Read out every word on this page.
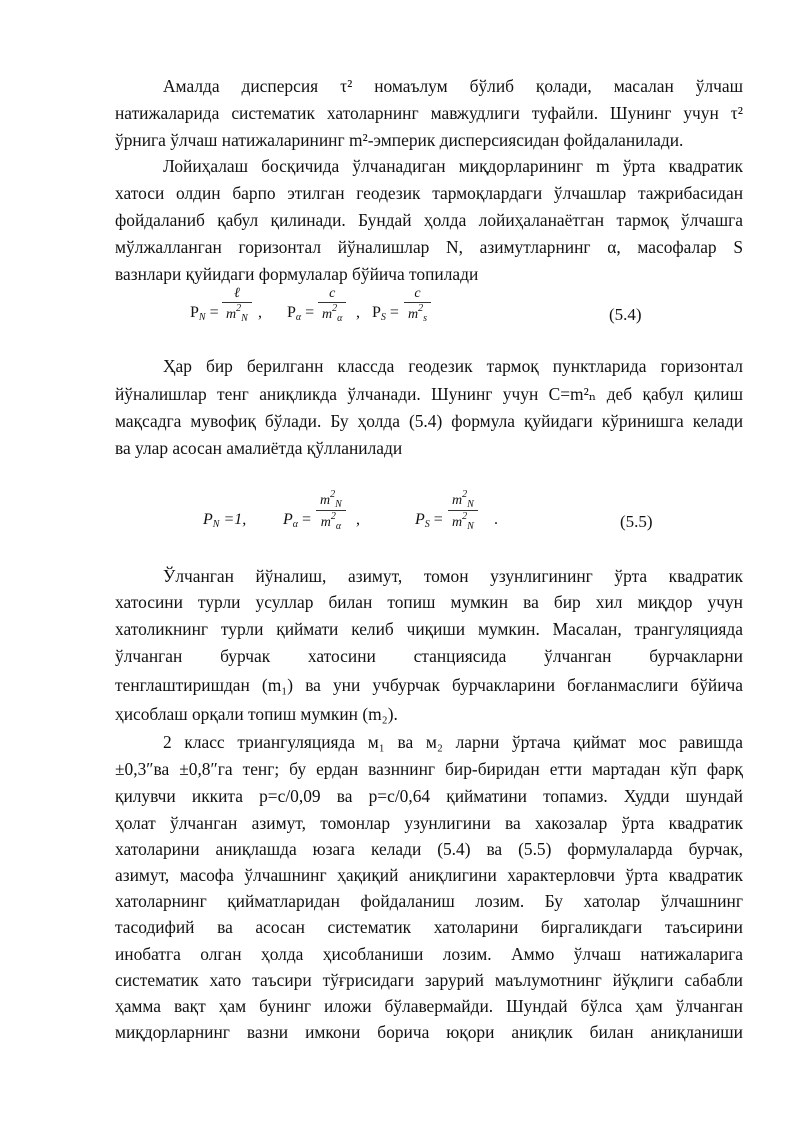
Амалда дисперсия τ² номаълум бўлиб қолади, масалан ўлчаш

натижаларида систематик хатоларнинг мавжудлиги туфайли. Шунинг учун τ²

ўрнига ўлчаш натижаларининг m²-эмперик дисперсиясидан фойдаланилади.

Лойиҳалаш босқичида ўлчанадиган миқдорларининг m ўрта квадратик

хатоси олдин барпо этилган геодезик тармоқлардаги ўлчашлар тажрибасидан

фойдаланиб қабул қилинади. Бундай ҳолда лойиҳаланаётган тармоқ ўлчашга

мўлжалланган горизонтал йўналишлар N, азимутларнинг α, масофалар S

вазнлари қуйидаги формулалар бўйича топилади

$P_N$ =
ℓ
$m^2_N$ , $P_\alpha = \frac{c}{m^2_\alpha}$ , $P_S = \frac{c}{m^2_s}$	(5.4)

Ҳар бир берилганн классда геодезик тармоқ пунктларида горизонтал

йўналишлар тенг аниқликда ўлчанади. Шунинг учун C=m²ₙ деб қабул қилиш

мақсадга мувофиқ бўлади. Бу ҳолда (5.4) формула қуйидаги кўринишга келади

ва улар асосан амалиётда қўлланилади

$P_N =1$, $P_\alpha = \frac{m^2_N}{m^2_\alpha}$ ,	$P_S = \frac{m^2_N}{m^2_N}$ .	(5.5)

Ўлчанган йўналиш, азимут, томон узунлигининг ўрта квадратик

хатосини турли усуллар билан топиш мумкин ва бир хил миқдор учун

хатоликнинг турли қиймати келиб чиқиши мумкин. Масалан, трангуляцияда

ўлчанган бурчак хатосини станциясида ўлчанган бурчакларни

тенглаштиришдан (m₁) ва уни учбурчак бурчакларини боғланмаслиги бўйича

ҳисоблаш орқали топиш мумкин (m₂).

2 класс триангуляцияда м₁ ва м₂ ларни ўртача қиймат мос равишда

±0,3″ва ±0,8″га тенг; бу ердан вазннинг бир-биридан етти мартадан кўп фарқ

қилувчи иккита p=c/0,09 ва p=c/0,64 қийматини топамиз. Худди шундай

ҳолат ўлчанган азимут, томонлар узунлигини ва хакозалар ўрта квадратик

хатоларини аниқлашда юзага келади (5.4) ва (5.5) формулаларда бурчак,

азимут, масофа ўлчашнинг ҳақиқий аниқлигини характерловчи ўрта квадратик

хатоларнинг қийматларидан фойдаланиш лозим. Бу хатолар ўлчашнинг

тасодифий ва асосан систематик хатоларини биргаликдаги таъсирини

инобатга олган ҳолда ҳисобланиши лозим. Аммо ўлчаш натижаларига

систематик хато таъсири тўғрисидаги зарурий маълумотнинг йўқлиги сабабли

ҳамма вақт ҳам бунинг иложи бўлавермайди. Шундай бўлса ҳам ўлчанган

миқдорларнинг вазни имкони борича юқори аниқлик билан аниқланиши
